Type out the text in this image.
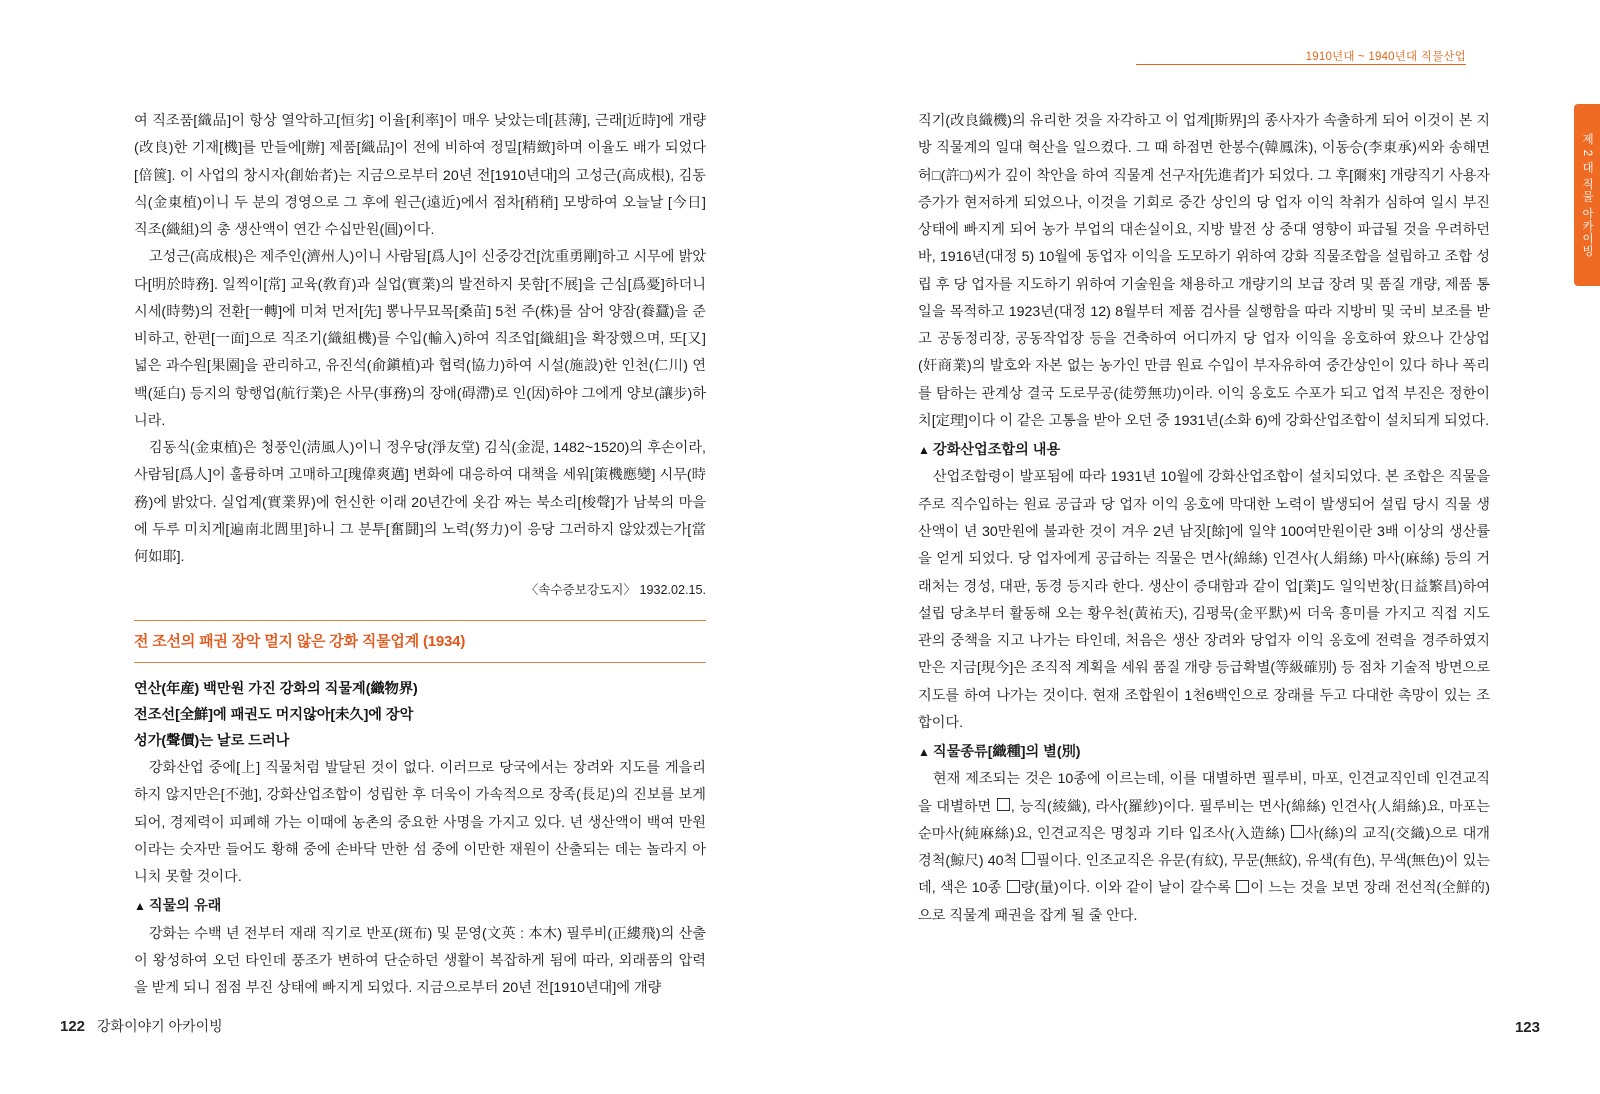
1910년대 ~ 1940년대 직물산업
제 2 대 직물 아카이빙

여 직조품[織品]이 항상 열악하고[恒劣] 이율[利率]이 매우 낮았는데[甚薄], 근래[近時]에 개량(改良)한 기재[機]를 만들에[辦] 제품[織品]이 전에 비하여 정밀[精緻]하며 이율도 배가 되었다[倍篋]. 이 사업의 창시자(創始者)는 지금으로부터 20년 전[1910년대]의 고성근(高成根), 김동식(金東植)이니 두 분의 경영으로 그 후에 원근(遠近)에서 점차[稍稍] 모방하여 오늘날 [今日] 직조(織組)의 총 생산액이 연간 수십만원(圓)이다.

고성근(高成根)은 제주인(濟州人)이니 사람됨[爲人]이 신중강건[沈重勇剛]하고 시무에 밝았다[明於時務]. 일찍이[常] 교육(敎育)과 실업(實業)의 발전하지 못함[不展]을 근심[爲憂]하더니 시세(時勢)의 전환[一轉]에 미쳐 먼저[先] 뽕나무묘목[桑苗] 5천 주(株)를 삼어 양잠(養蠶)을 준비하고, 한편[一面]으로 직조기(織組機)를 수입(輸入)하여 직조업[織組]을 확장했으며, 또[又] 넓은 과수원[果園]을 관리하고, 유진석(俞鎭植)과 협력(協力)하여 시설(施設)한 인천(仁川) 연백(延白) 등지의 항행업(航行業)은 사무(事務)의 장애(碍滯)로 인(因)하야 그에게 양보(讓步)하니라.

김동식(金東植)은 청풍인(淸風人)이니 정우당(淨友堂) 김식(金湜, 1482~1520)의 후손이라, 사람됨[爲人]이 훌륭하며 고매하고[瑰偉爽邁] 변화에 대응하여 대책을 세워[策機應變] 시무(時務)에 밝았다. 실업계(實業界)에 헌신한 이래 20년간에 옷감 짜는 북소리[梭聲]가 남북의 마을에 두루 미치게[遍南北閭里]하니 그 분투[奮鬪]의 노력(努力)이 응당 그러하지 않았겠는가[當何如耶].

〈속수증보강도지〉 1932.02.15.
전 조선의 패권 장악 멀지 않은 강화 직물업계 (1934)

연산(年産) 백만원 가진 강화의 직물계(織物界)

전조선[全鮮]에 패권도 머지않아[未久]에 장악

성가(聲價)는 날로 드러나

강화산업 중에[上] 직물처럼 발달된 것이 없다. 이러므로 당국에서는 장려와 지도를 게을리 하지 않지만은[不弛], 강화산업조합이 성립한 후 더욱이 가속적으로 장족(長足)의 진보를 보게 되어, 경제력이 피폐해 가는 이때에 농촌의 중요한 사명을 가지고 있다. 년 생산액이 백여 만원이라는 숫자만 들어도 황해 중에 손바닥 만한 섬 중에 이만한 재원이 산출되는 데는 놀라지 아니치 못할 것이다.

▲ 직물의 유래

강화는 수백 년 전부터 재래 직기로 반포(斑布) 및 문영(文英 : 本木) 필루비(正縷飛)의 산출이 왕성하여 오던 타인데 풍조가 변하여 단순하던 생활이 복잡하게 됨에 따라, 외래품의 압력을 받게 되니 점점 부진 상태에 빠지게 되었다. 지금으로부터 20년 전[1910년대]에 개량

직기(改良織機)의 유리한 것을 자각하고 이 업계[斯界]의 종사자가 속출하게 되어 이것이 본 지방 직물계의 일대 혁산을 일으켰다. 그 때 하점면 한봉수(韓鳳洙), 이동승(李東承)씨와 송해면 허□(許□)씨가 깊이 착안을 하여 직물계 선구자[先進者]가 되었다. 그 후[爾來] 개량직기 사용자 증가가 현저하게 되었으나, 이것을 기회로 중간 상인의 당 업자 이익 착취가 심하여 일시 부진 상태에 빠지게 되어 농가 부업의 대손실이요, 지방 발전 상 중대 영향이 파급될 것을 우려하던 바, 1916년(대정 5) 10월에 동업자 이익을 도모하기 위하여 강화 직물조합을 설립하고 조합 성립 후 당 업자를 지도하기 위하여 기술원을 채용하고 개량기의 보급 장려 및 품질 개량, 제품 통일을 목적하고 1923년(대정 12) 8월부터 제품 검사를 실행함을 따라 지방비 및 국비 보조를 받고 공동정리장, 공동작업장 등을 건축하여 어디까지 당 업자 이익을 옹호하여 왔으나 간상업(奸商業)의 발호와 자본 없는 농가인 만큼 원료 수입이 부자유하여 중간상인이 있다 하나 폭리를 탐하는 관계상 결국 도로무공(徒勞無功)이라. 이익 옹호도 수포가 되고 업적 부진은 정한이치[定理]이다 이 같은 고통을 받아 오던 중 1931년(소화 6)에 강화산업조합이 설치되게 되었다.

▲ 강화산업조합의 내용

산업조합령이 발포됨에 따라 1931년 10월에 강화산업조합이 설치되었다. 본 조합은 직물을 주로 직수입하는 원료 공급과 당 업자 이익 옹호에 막대한 노력이 발생되어 설립 당시 직물 생산액이 년 30만원에 불과한 것이 겨우 2년 남짓[餘]에 일약 100여만원이란 3배 이상의 생산률을 얻게 되었다. 당 업자에게 공급하는 직물은 면사(綿絲) 인견사(人絹絲) 마사(麻絲) 등의 거래처는 경성, 대판, 동경 등지라 한다. 생산이 증대함과 같이 업[業]도 일익번창(日益繁昌)하여 설립 당초부터 활동해 오는 황우천(黃祐天), 김평묵(金平默)씨 더욱 흥미를 가지고 직접 지도관의 중책을 지고 나가는 타인데, 처음은 생산 장려와 당업자 이익 옹호에 전력을 경주하였지만은 지금[現今]은 조직적 계획을 세워 품질 개량 등급확별(等級確別) 등 점차 기술적 방면으로 지도를 하여 나가는 것이다. 현재 조합원이 1천6백인으로 장래를 두고 다대한 촉망이 있는 조합이다.

▲ 직물종류[織種]의 별(別)

현재 제조되는 것은 10종에 이르는데, 이를 대별하면 필루비, 마포, 인견교직인데 인견교직을 대별하면 , 능직(綾織), 라사(羅紗)이다. 필루비는 면사(綿絲) 인견사(人絹絲)요, 마포는 순마사(純麻絲)요, 인견교직은 명칭과 기타 입조사(入造絲) 사(絲)의 교직(交織)으로 대개 경척(鯨尺) 40척 필이다. 인조교직은 유문(有紋), 무문(無紋), 유색(有色), 무색(無色)이 있는데, 색은 10종 량(量)이다. 이와 같이 날이 갈수록 이 느는 것을 보면 장래 전선적(全鮮的)으로 직물계 패권을 잡게 될 줄 안다.

122 강화이야기 아카이빙	123
